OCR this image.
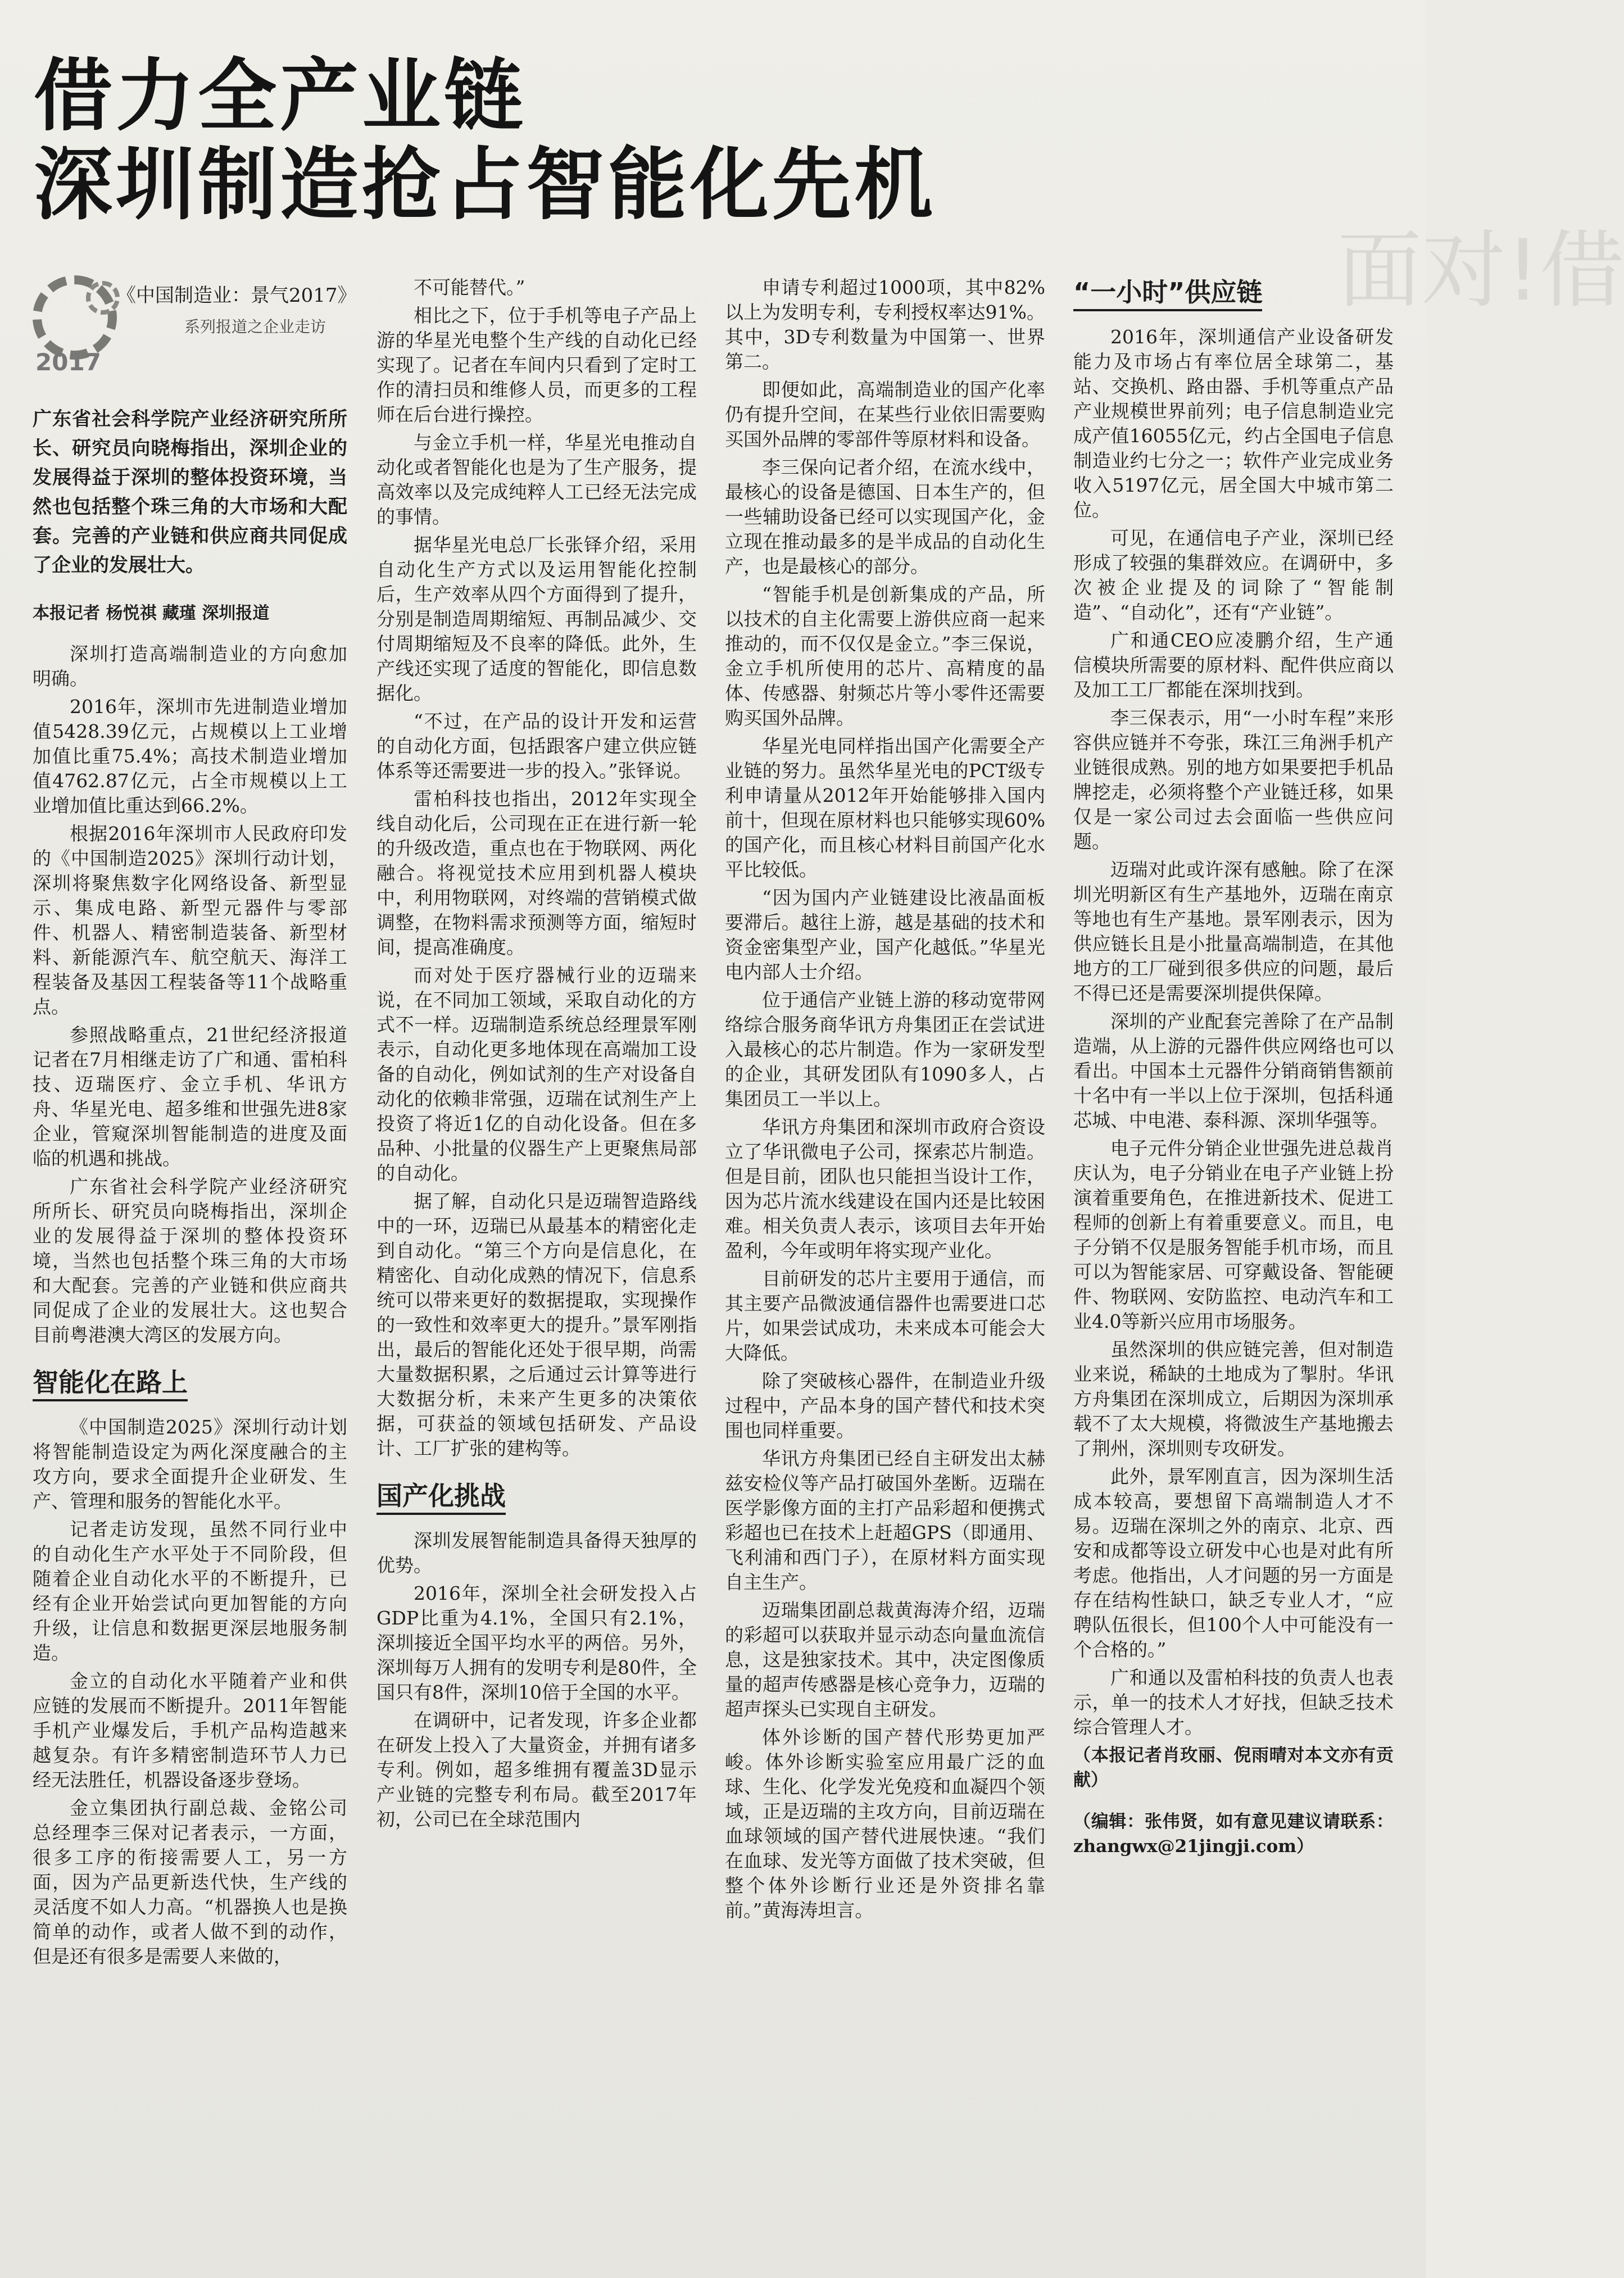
借力全产业链
深圳制造抢占智能化先机
面对!借
2017
《中国制造业：景气2017》
系列报道之企业走访

广东省社会科学院产业经济研究所所长、研究员向晓梅指出，深圳企业的发展得益于深圳的整体投资环境，当然也包括整个珠三角的大市场和大配套。完善的产业链和供应商共同促成了企业的发展壮大。

本报记者 杨悦祺 藏瑾 深圳报道

深圳打造高端制造业的方向愈加明确。

2016年，深圳市先进制造业增加值5428.39亿元，占规模以上工业增加值比重75.4%；高技术制造业增加值4762.87亿元，占全市规模以上工业增加值比重达到66.2%。

根据2016年深圳市人民政府印发的《中国制造2025》深圳行动计划，深圳将聚焦数字化网络设备、新型显示、集成电路、新型元器件与零部件、机器人、精密制造装备、新型材料、新能源汽车、航空航天、海洋工程装备及基因工程装备等11个战略重点。

参照战略重点，21世纪经济报道记者在7月相继走访了广和通、雷柏科技、迈瑞医疗、金立手机、华讯方舟、华星光电、超多维和世强先进8家企业，管窥深圳智能制造的进度及面临的机遇和挑战。

广东省社会科学院产业经济研究所所长、研究员向晓梅指出，深圳企业的发展得益于深圳的整体投资环境，当然也包括整个珠三角的大市场和大配套。完善的产业链和供应商共同促成了企业的发展壮大。这也契合目前粤港澳大湾区的发展方向。

智能化在路上

《中国制造2025》深圳行动计划将智能制造设定为两化深度融合的主攻方向，要求全面提升企业研发、生产、管理和服务的智能化水平。

记者走访发现，虽然不同行业中的自动化生产水平处于不同阶段，但随着企业自动化水平的不断提升，已经有企业开始尝试向更加智能的方向升级，让信息和数据更深层地服务制造。

金立的自动化水平随着产业和供应链的发展而不断提升。2011年智能手机产业爆发后，手机产品构造越来越复杂。有许多精密制造环节人力已经无法胜任，机器设备逐步登场。

金立集团执行副总裁、金铭公司总经理李三保对记者表示，一方面，很多工序的衔接需要人工，另一方面，因为产品更新迭代快，生产线的灵活度不如人力高。“机器换人也是换简单的动作，或者人做不到的动作，但是还有很多是需要人来做的，

不可能替代。”

相比之下，位于手机等电子产品上游的华星光电整个生产线的自动化已经实现了。记者在车间内只看到了定时工作的清扫员和维修人员，而更多的工程师在后台进行操控。

与金立手机一样，华星光电推动自动化或者智能化也是为了生产服务，提高效率以及完成纯粹人工已经无法完成的事情。

据华星光电总厂长张铎介绍，采用自动化生产方式以及运用智能化控制后，生产效率从四个方面得到了提升，分别是制造周期缩短、再制品减少、交付周期缩短及不良率的降低。此外，生产线还实现了适度的智能化，即信息数据化。

“不过，在产品的设计开发和运营的自动化方面，包括跟客户建立供应链体系等还需要进一步的投入。”张铎说。

雷柏科技也指出，2012年实现全线自动化后，公司现在正在进行新一轮的升级改造，重点也在于物联网、两化融合。将视觉技术应用到机器人模块中，利用物联网，对终端的营销模式做调整，在物料需求预测等方面，缩短时间，提高准确度。

而对处于医疗器械行业的迈瑞来说，在不同加工领域，采取自动化的方式不一样。迈瑞制造系统总经理景军刚表示，自动化更多地体现在高端加工设备的自动化，例如试剂的生产对设备自动化的依赖非常强，迈瑞在试剂生产上投资了将近1亿的自动化设备。但在多品种、小批量的仪器生产上更聚焦局部的自动化。

据了解，自动化只是迈瑞智造路线中的一环，迈瑞已从最基本的精密化走到自动化。“第三个方向是信息化，在精密化、自动化成熟的情况下，信息系统可以带来更好的数据提取，实现操作的一致性和效率更大的提升。”景军刚指出，最后的智能化还处于很早期，尚需大量数据积累，之后通过云计算等进行大数据分析，未来产生更多的决策依据，可获益的领域包括研发、产品设计、工厂扩张的建构等。

国产化挑战

深圳发展智能制造具备得天独厚的优势。

2016年，深圳全社会研发投入占GDP比重为4.1%，全国只有2.1%，深圳接近全国平均水平的两倍。另外，深圳每万人拥有的发明专利是80件，全国只有8件，深圳10倍于全国的水平。

在调研中，记者发现，许多企业都在研发上投入了大量资金，并拥有诸多专利。例如，超多维拥有覆盖3D显示产业链的完整专利布局。截至2017年初，公司已在全球范围内

申请专利超过1000项，其中82%以上为发明专利，专利授权率达91%。其中，3D专利数量为中国第一、世界第二。

即便如此，高端制造业的国产化率仍有提升空间，在某些行业依旧需要购买国外品牌的零部件等原材料和设备。

李三保向记者介绍，在流水线中，最核心的设备是德国、日本生产的，但一些辅助设备已经可以实现国产化，金立现在推动最多的是半成品的自动化生产，也是最核心的部分。

“智能手机是创新集成的产品，所以技术的自主化需要上游供应商一起来推动的，而不仅仅是金立。”李三保说，金立手机所使用的芯片、高精度的晶体、传感器、射频芯片等小零件还需要购买国外品牌。

华星光电同样指出国产化需要全产业链的努力。虽然华星光电的PCT级专利申请量从2012年开始能够排入国内前十，但现在原材料也只能够实现60%的国产化，而且核心材料目前国产化水平比较低。

“因为国内产业链建设比液晶面板要滞后。越往上游，越是基础的技术和资金密集型产业，国产化越低。”华星光电内部人士介绍。

位于通信产业链上游的移动宽带网络综合服务商华讯方舟集团正在尝试进入最核心的芯片制造。作为一家研发型的企业，其研发团队有1090多人，占集团员工一半以上。

华讯方舟集团和深圳市政府合资设立了华讯微电子公司，探索芯片制造。但是目前，团队也只能担当设计工作，因为芯片流水线建设在国内还是比较困难。相关负责人表示，该项目去年开始盈利，今年或明年将实现产业化。

目前研发的芯片主要用于通信，而其主要产品微波通信器件也需要进口芯片，如果尝试成功，未来成本可能会大大降低。

除了突破核心器件，在制造业升级过程中，产品本身的国产替代和技术突围也同样重要。

华讯方舟集团已经自主研发出太赫兹安检仪等产品打破国外垄断。迈瑞在医学影像方面的主打产品彩超和便携式彩超也已在技术上赶超GPS（即通用、飞利浦和西门子），在原材料方面实现自主生产。

迈瑞集团副总裁黄海涛介绍，迈瑞的彩超可以获取并显示动态向量血流信息，这是独家技术。其中，决定图像质量的超声传感器是核心竞争力，迈瑞的超声探头已实现自主研发。

体外诊断的国产替代形势更加严峻。体外诊断实验室应用最广泛的血球、生化、化学发光免疫和血凝四个领域，正是迈瑞的主攻方向，目前迈瑞在血球领域的国产替代进展快速。“我们在血球、发光等方面做了技术突破，但整个体外诊断行业还是外资排名靠前。”黄海涛坦言。

“一小时”供应链

2016年，深圳通信产业设备研发能力及市场占有率位居全球第二，基站、交换机、路由器、手机等重点产品产业规模世界前列；电子信息制造业完成产值16055亿元，约占全国电子信息制造业约七分之一；软件产业完成业务收入5197亿元，居全国大中城市第二位。

可见，在通信电子产业，深圳已经形成了较强的集群效应。在调研中，多次被企业提及的词除了“智能制造”、“自动化”，还有“产业链”。

广和通CEO应凌鹏介绍，生产通信模块所需要的原材料、配件供应商以及加工工厂都能在深圳找到。

李三保表示，用“一小时车程”来形容供应链并不夸张，珠江三角洲手机产业链很成熟。别的地方如果要把手机品牌挖走，必须将整个产业链迁移，如果仅是一家公司过去会面临一些供应问题。

迈瑞对此或许深有感触。除了在深圳光明新区有生产基地外，迈瑞在南京等地也有生产基地。景军刚表示，因为供应链长且是小批量高端制造，在其他地方的工厂碰到很多供应的问题，最后不得已还是需要深圳提供保障。

深圳的产业配套完善除了在产品制造端，从上游的元器件供应网络也可以看出。中国本土元器件分销商销售额前十名中有一半以上位于深圳，包括科通芯城、中电港、泰科源、深圳华强等。

电子元件分销企业世强先进总裁肖庆认为，电子分销业在电子产业链上扮演着重要角色，在推进新技术、促进工程师的创新上有着重要意义。而且，电子分销不仅是服务智能手机市场，而且可以为智能家居、可穿戴设备、智能硬件、物联网、安防监控、电动汽车和工业4.0等新兴应用市场服务。

虽然深圳的供应链完善，但对制造业来说，稀缺的土地成为了掣肘。华讯方舟集团在深圳成立，后期因为深圳承载不了太大规模，将微波生产基地搬去了荆州，深圳则专攻研发。

此外，景军刚直言，因为深圳生活成本较高，要想留下高端制造人才不易。迈瑞在深圳之外的南京、北京、西安和成都等设立研发中心也是对此有所考虑。他指出，人才问题的另一方面是存在结构性缺口，缺乏专业人才，“应聘队伍很长，但100个人中可能没有一个合格的。”

广和通以及雷柏科技的负责人也表示，单一的技术人才好找，但缺乏技术综合管理人才。

（本报记者肖玫丽、倪雨晴对本文亦有贡献）

（编辑：张伟贤，如有意见建议请联系：zhangwx@21jingji.com）
